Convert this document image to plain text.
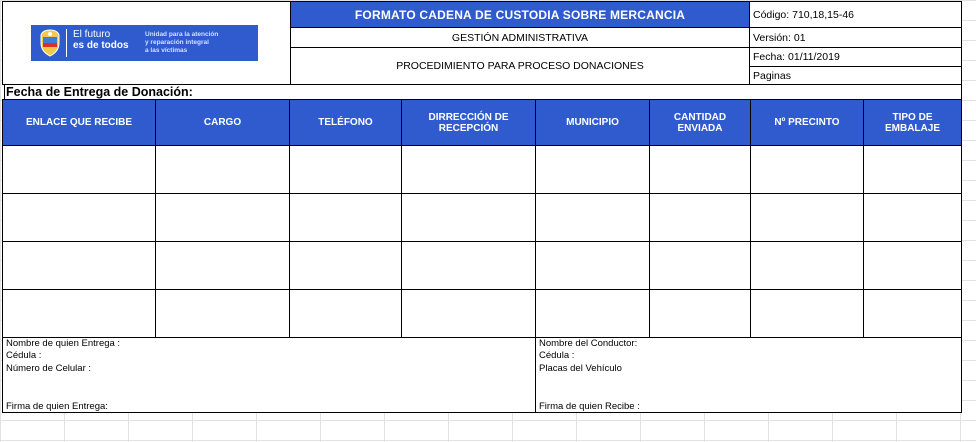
El futuro
es de todos
Unidad para la atención
y reparación integral
a las víctimas
FORMATO CADENA DE CUSTODIA SOBRE MERCANCIA
GESTIÓN ADMINISTRATIVA
PROCEDIMIENTO PARA PROCESO DONACIONES
Código: 710,18,15-46
Versión: 01
Fecha: 01/11/2019
Paginas
Fecha de Entrega de Donación:
ENLACE QUE RECIBE	CARGO	TELÉFONO	DIRRECCIÓN DE RECEPCIÓN	MUNICIPIO	CANTIDAD ENVIADA	Nº PRECINTO	TIPO DE EMBALAJE
Nombre de quien Entrega :	Nombre del Conductor:
Cédula :	Cédula :
Número de Celular :	Placas del Vehículo
Firma de quien Entrega:	Firma de quien Recibe :
